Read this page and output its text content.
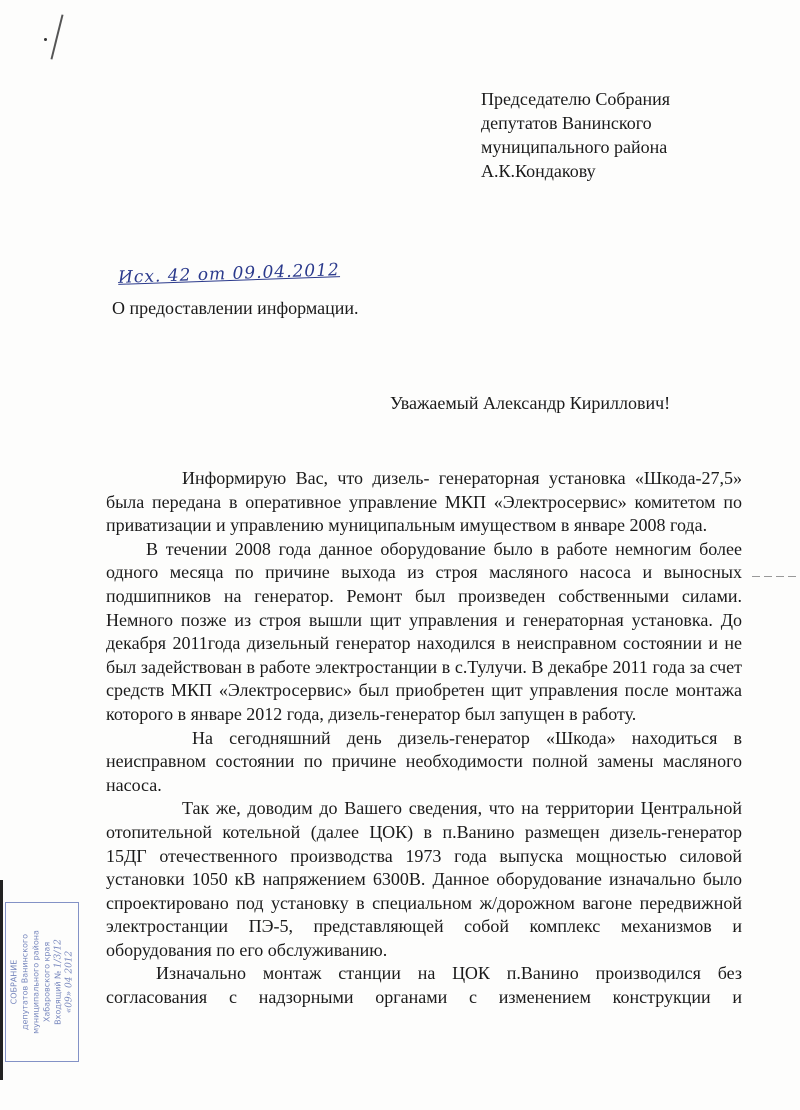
Председателю Собрания
депутатов Ванинского
муниципального района
А.К.Кондакову
Исх. 42 от 09.04.2012
О предоставлении информации.
Уважаемый Александр Кириллович!

Информирую Вас, что дизель- генераторная установка «Шкода-27,5» была передана в оперативное управление МКП «Электросервис» комитетом по приватизации и управлению муниципальным имуществом в январе 2008 года.

В течении 2008 года данное оборудование было в работе немногим более одного месяца по причине выхода из строя масляного насоса и выносных подшипников на генератор. Ремонт был произведен собственными силами. Немного позже из строя вышли щит управления и генераторная установка. До декабря 2011года дизельный генератор находился в неисправном состоянии и не был задействован в работе электростанции в с.Тулучи. В декабре 2011 года за счет средств МКП «Электросервис» был приобретен щит управления после монтажа которого в январе 2012 года, дизель-генератор был запущен в работу.

На сегодняшний день дизель-генератор «Шкода» находиться в неисправном состоянии по причине необходимости полной замены масляного насоса.

Так же, доводим до Вашего сведения, что на территории Центральной отопительной котельной (далее ЦОК) в п.Ванино размещен дизель-генератор 15ДГ отечественного производства 1973 года выпуска мощностью силовой установки 1050 кВ напряжением 6300В. Данное оборудование изначально было спроектировано под установку в специальном ж/дорожном вагоне передвижной электростанции ПЭ-5, представляющей собой комплекс механизмов и оборудования по его обслуживанию.

Изначально монтаж станции на ЦОК п.Ванино производился без согласования с надзорными органами с изменением конструкции и

СОБРАНИЕ депутатов Ванинского муниципального района Хабаровского края Входящий № 1/3/12 «09» 04 2012
